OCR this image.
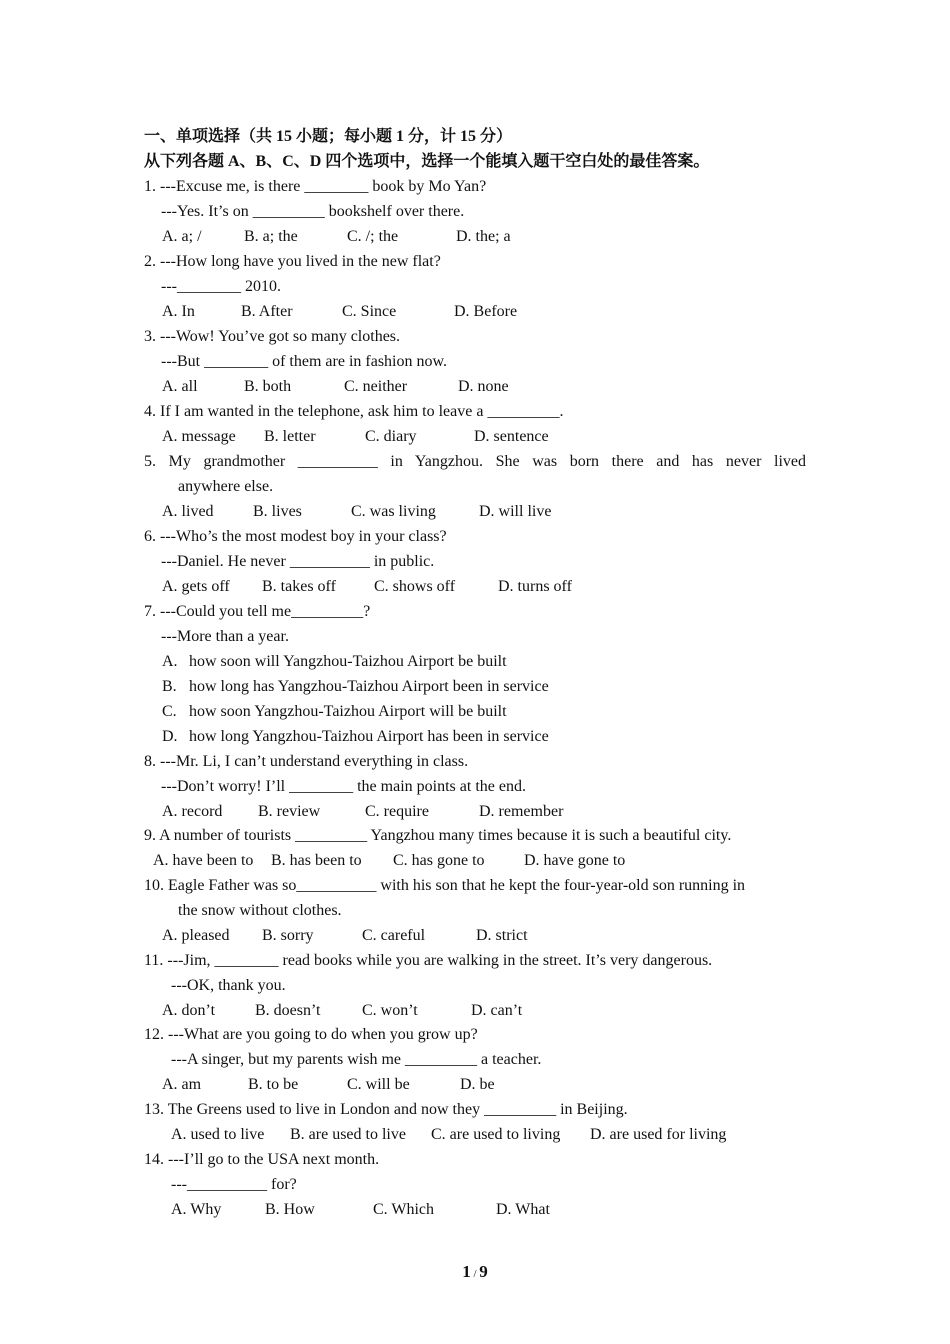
一、单项选择（共 15 小题；每小题 1 分，计 15 分）
从下列各题 A、B、C、D 四个选项中，选择一个能填入题干空白处的最佳答案。
1. ---Excuse me, is there ________ book by Mo Yan?
---Yes. It’s on _________ bookshelf over there.
A. a; /	B. a; the	C. /; the	D. the; a
2. ---How long have you lived in the new flat?
---________ 2010.
A. In	B. After	C. Since	D. Before
3. ---Wow! You’ve got so many clothes.
---But ________ of them are in fashion now.
A. all	B. both	C. neither	D. none
4. If I am wanted in the telephone, ask him to leave a _________.
A. message B. letter	C. diary	D. sentence
5. My grandmother __________ in Yangzhou. She was born there and has never lived
anywhere else.
A. lived B. lives	C. was living	D. will live
6. ---Who’s the most modest boy in your class?
---Daniel. He never __________ in public.
A. gets off B. takes off C. shows off	D. turns off
7. ---Could you tell me_________?
---More than a year.
A. how soon will Yangzhou-Taizhou Airport be built
B. how long has Yangzhou-Taizhou Airport been in service
C. how soon Yangzhou-Taizhou Airport will be built
D. how long Yangzhou-Taizhou Airport has been in service
8. ---Mr. Li, I can’t understand everything in class.
---Don’t worry! I’ll ________ the main points at the end.
A. record B. review	C. require	D. remember
9. A number of tourists _________ Yangzhou many times because it is such a beautiful city.
A. have been to B. has been to C. has gone to D. have gone to
10. Eagle Father was so__________ with his son that he kept the four-year-old son running in
the snow without clothes.
A. pleased B. sorry	C. careful	D. strict
11. ---Jim, ________ read books while you are walking in the street. It’s very dangerous.
---OK, thank you.
A. don’t B. doesn’t	C. won’t	D. can’t
12. ---What are you going to do when you grow up?
---A singer, but my parents wish me _________ a teacher.
A. am	B. to be	C. will be	D. be
13. The Greens used to live in London and now they _________ in Beijing.
A. used to live B. are used to live C. are used to living D. are used for living
14. ---I’ll go to the USA next month.
---__________ for?
A. Why	B. How	C. Which	D. What
1 / 9
